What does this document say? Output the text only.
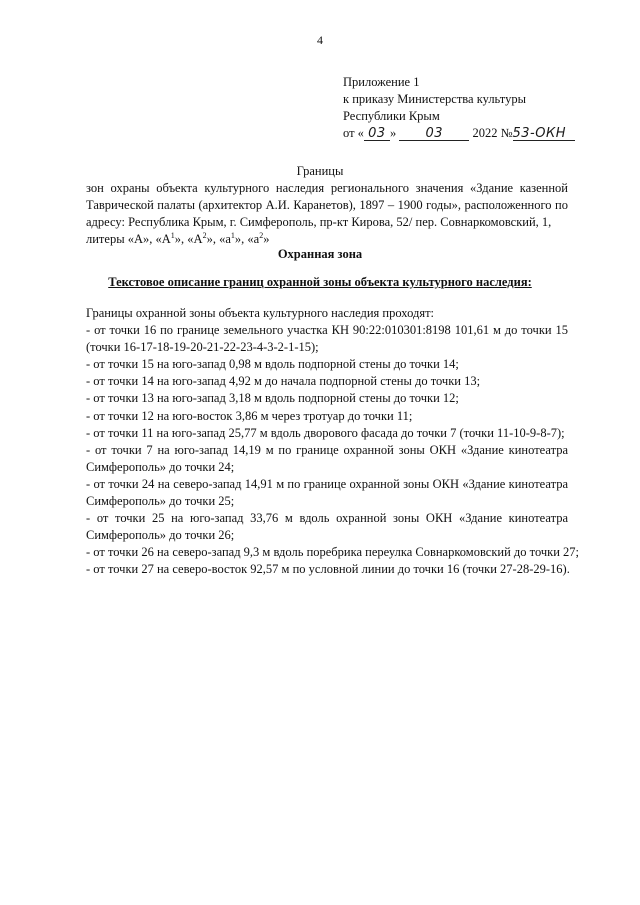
4
Приложение 1
к приказу Министерства культуры
Республики Крым
от « 03 » 03 2022 №53-ОКН
Границы
зон охраны объекта культурного наследия регионального значения «Здание казенной Таврической палаты (архитектор А.И. Каранетов), 1897 – 1900 годы», расположенного по адресу: Республика Крым, г. Симферополь, пр-кт Кирова, 52/ пер. Совнаркомовский, 1,
литеры «А», «$А^1$», «$А^2$», «$а^1$», «$а^2$»
Охранная зона
Текстовое описание границ охранной зоны объекта культурного наследия:
Границы охранной зоны объекта культурного наследия проходят:
- от точки 16 по границе земельного участка КН 90:22:010301:8198 101,61 м до точки 15
(точки 16-17-18-19-20-21-22-23-4-3-2-1-15);
- от точки 15 на юго-запад 0,98 м вдоль подпорной стены до точки 14;
- от точки 14 на юго-запад 4,92 м до начала подпорной стены до точки 13;
- от точки 13 на юго-запад 3,18 м вдоль подпорной стены до точки 12;
- от точки 12 на юго-восток 3,86 м через тротуар до точки 11;
- от точки 11 на юго-запад 25,77 м вдоль дворового фасада до точки 7 (точки 11-10-9-8-7);
- от точки 7 на юго-запад 14,19 м по границе охранной зоны ОКН «Здание кинотеатра
Симферополь» до точки 24;
- от точки 24 на северо-запад 14,91 м по границе охранной зоны ОКН «Здание кинотеатра
Симферополь» до точки 25;
- от точки 25 на юго-запад 33,76 м вдоль охранной зоны ОКН «Здание кинотеатра
Симферополь» до точки 26;
- от точки 26 на северо-запад 9,3 м вдоль поребрика переулка Совнаркомовский до точки 27;
- от точки 27 на северо-восток 92,57 м по условной линии до точки 16 (точки 27-28-29-16).
